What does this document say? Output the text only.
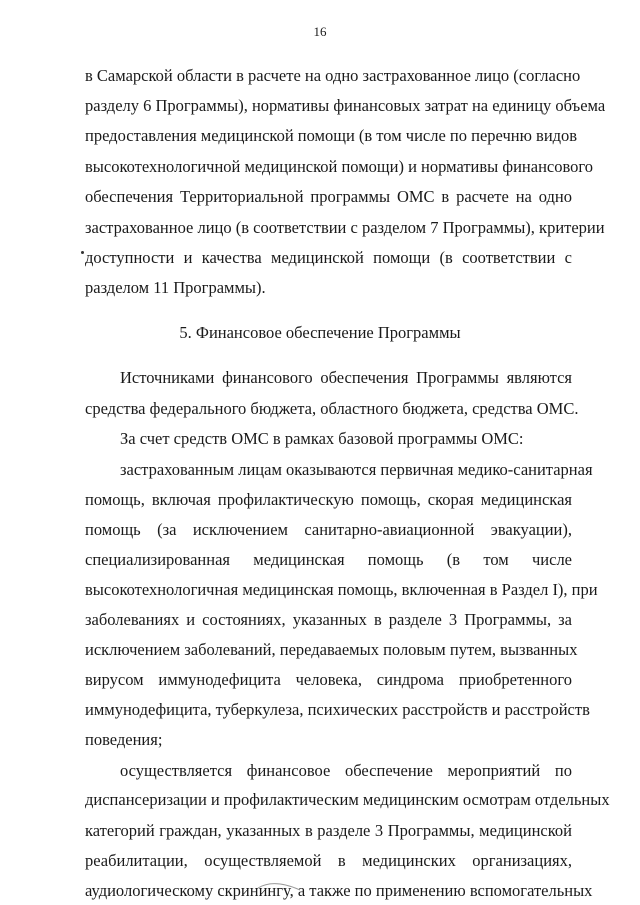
16
в Самарской области в расчете на одно застрахованное лицо (согласно
разделу 6 Программы), нормативы финансовых затрат на единицу объема
предоставления медицинской помощи (в том числе по перечню видов
высокотехнологичной медицинской помощи) и нормативы финансового
обеспечения Территориальной программы ОМС в расчете на одно
застрахованное лицо (в соответствии с разделом 7 Программы), критерии
доступности и качества медицинской помощи (в соответствии с
разделом 11 Программы).
5. Финансовое обеспечение Программы
Источниками финансового обеспечения Программы являются
средства федерального бюджета, областного бюджета, средства ОМС.
За счет средств ОМС в рамках базовой программы ОМС:
застрахованным лицам оказываются первичная медико-санитарная
помощь, включая профилактическую помощь, скорая медицинская
помощь (за исключением санитарно-авиационной эвакуации),
специализированная медицинская помощь (в том числе
высокотехнологичная медицинская помощь, включенная в Раздел I), при
заболеваниях и состояниях, указанных в разделе 3 Программы, за
исключением заболеваний, передаваемых половым путем, вызванных
вирусом иммунодефицита человека, синдрома приобретенного
иммунодефицита, туберкулеза, психических расстройств и расстройств
поведения;
осуществляется финансовое обеспечение мероприятий по
диспансеризации и профилактическим медицинским осмотрам отдельных
категорий граждан, указанных в разделе 3 Программы, медицинской
реабилитации, осуществляемой в медицинских организациях,
аудиологическому скринингу, а также по применению вспомогательных
